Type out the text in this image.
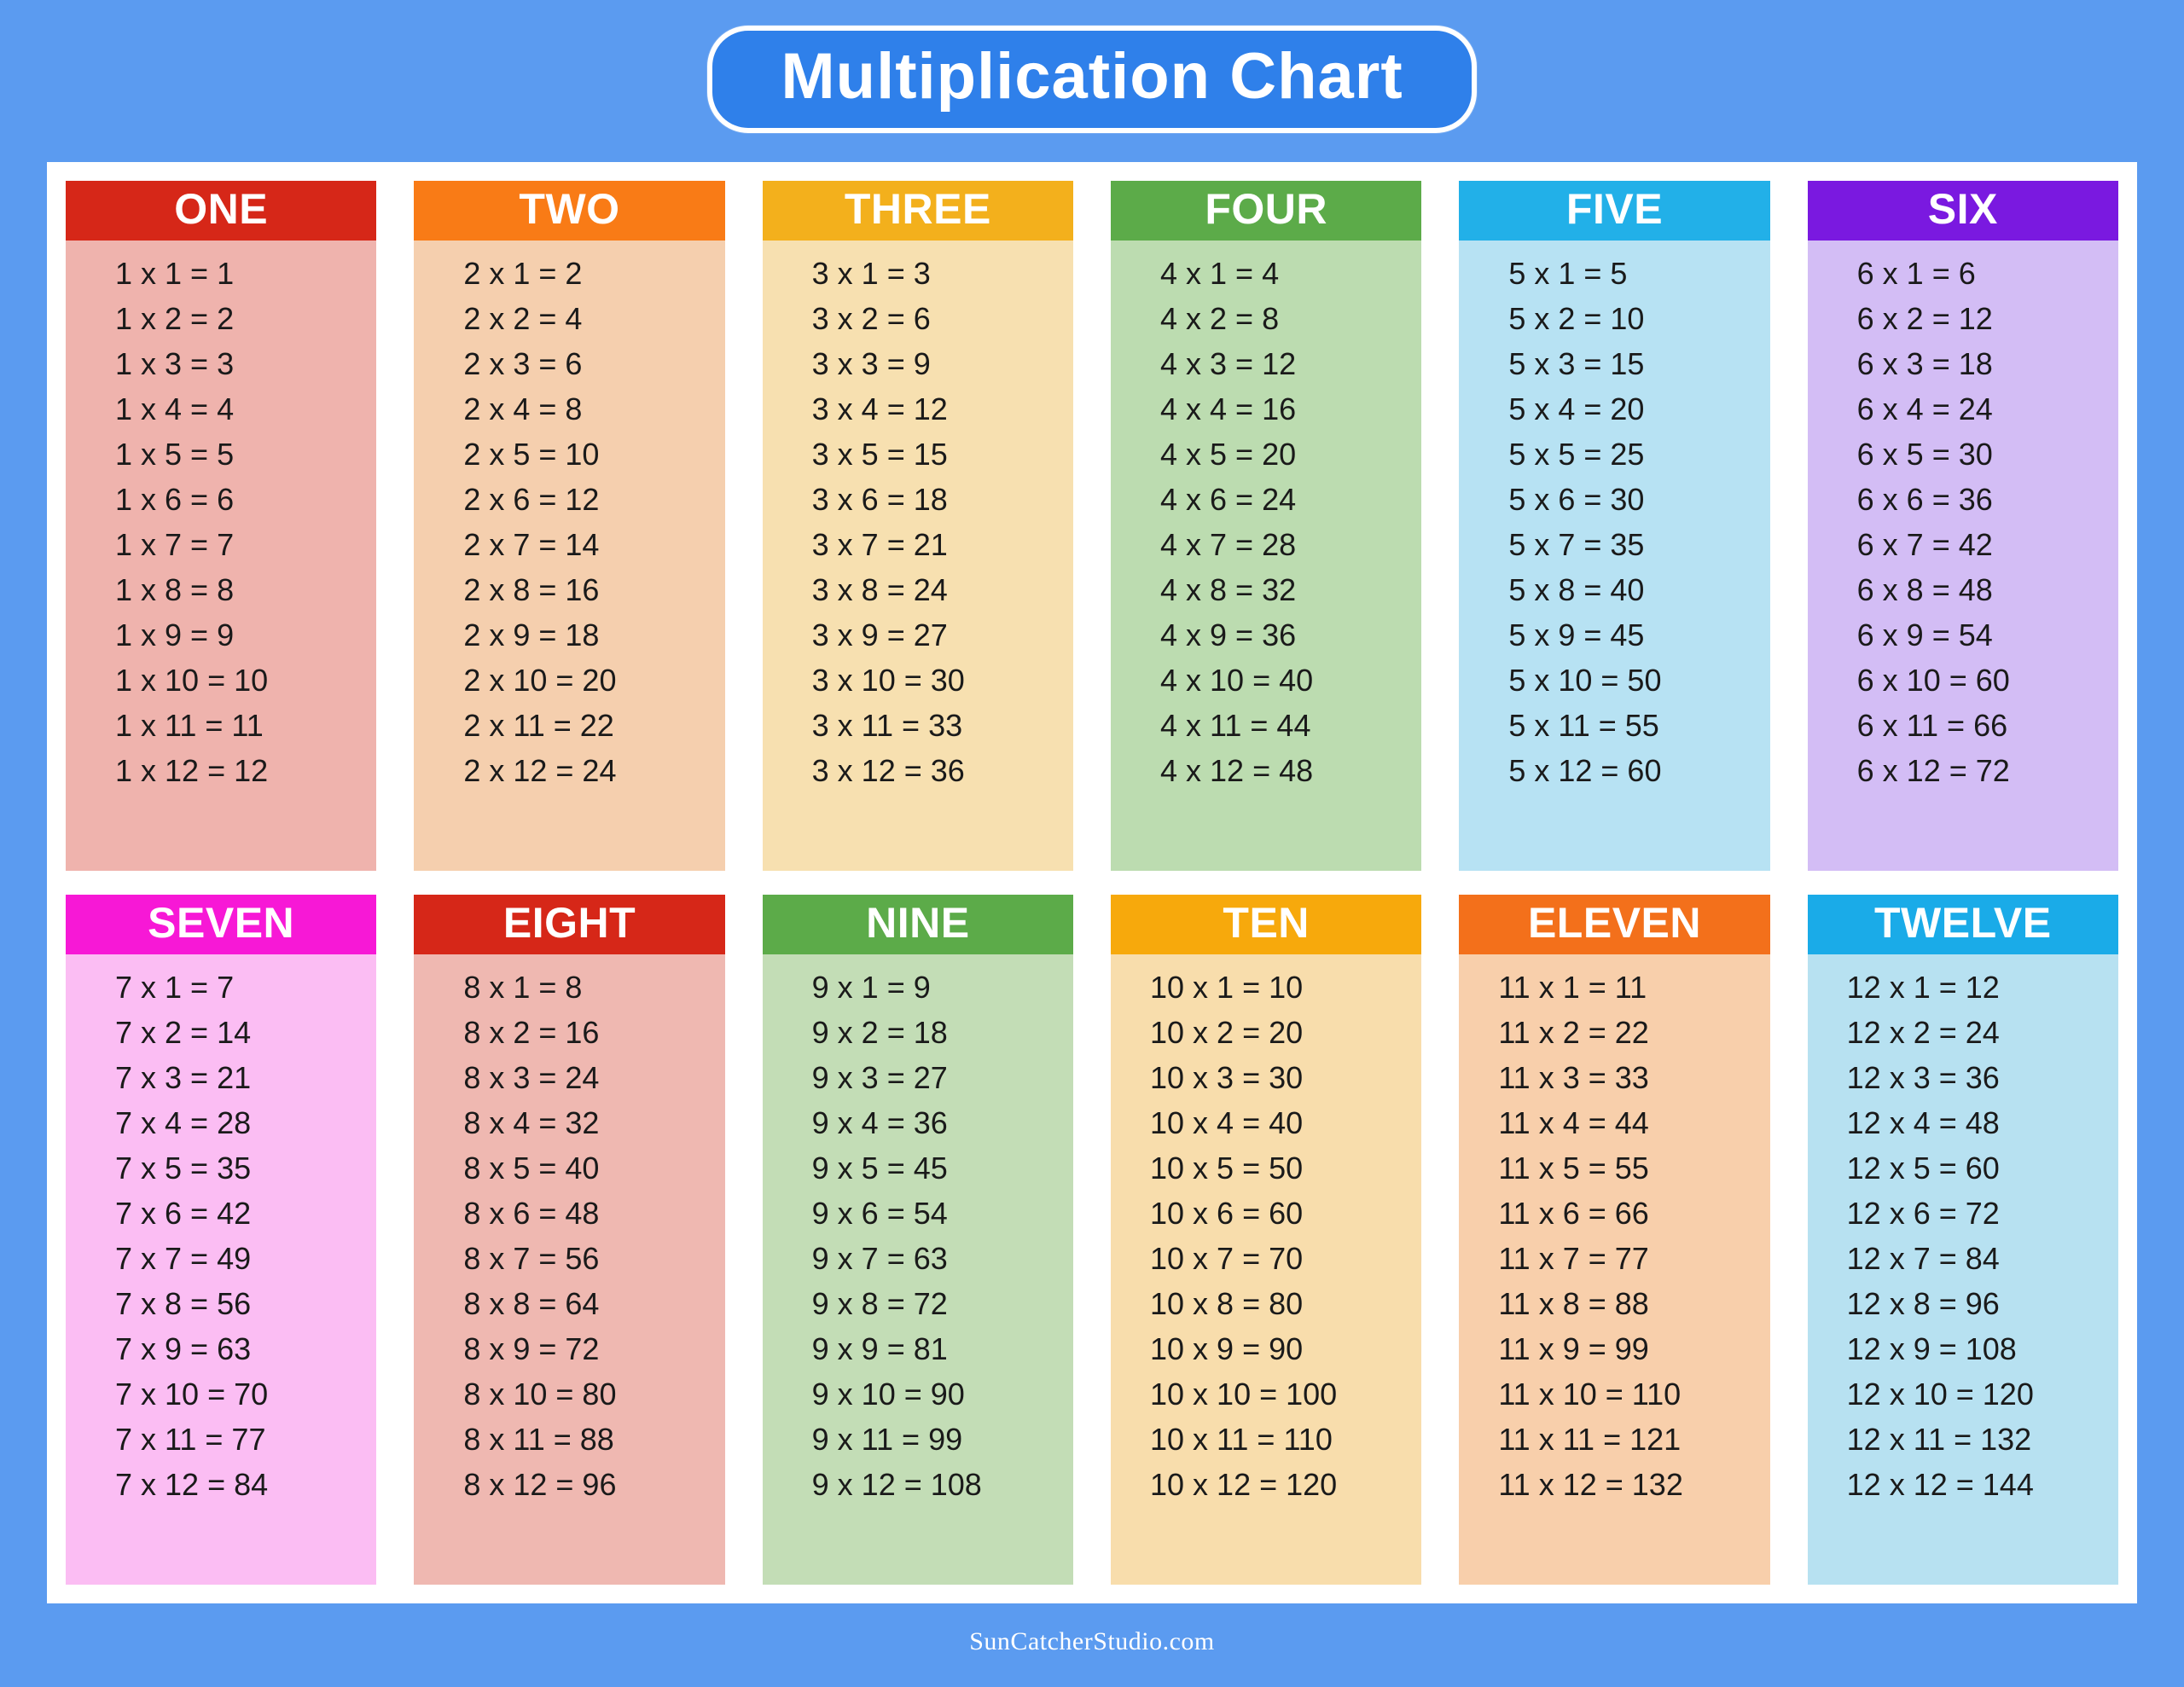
Multiplication Chart
ONE
1 x 1 = 1
1 x 2 = 2
1 x 3 = 3
1 x 4 = 4
1 x 5 = 5
1 x 6 = 6
1 x 7 = 7
1 x 8 = 8
1 x 9 = 9
1 x 10 = 10
1 x 11 = 11
1 x 12 = 12
TWO
2 x 1 = 2
2 x 2 = 4
2 x 3 = 6
2 x 4 = 8
2 x 5 = 10
2 x 6 = 12
2 x 7 = 14
2 x 8 = 16
2 x 9 = 18
2 x 10 = 20
2 x 11 = 22
2 x 12 = 24
THREE
3 x 1 = 3
3 x 2 = 6
3 x 3 = 9
3 x 4 = 12
3 x 5 = 15
3 x 6 = 18
3 x 7 = 21
3 x 8 = 24
3 x 9 = 27
3 x 10 = 30
3 x 11 = 33
3 x 12 = 36
FOUR
4 x 1 = 4
4 x 2 = 8
4 x 3 = 12
4 x 4 = 16
4 x 5 = 20
4 x 6 = 24
4 x 7 = 28
4 x 8 = 32
4 x 9 = 36
4 x 10 = 40
4 x 11 = 44
4 x 12 = 48
FIVE
5 x 1 = 5
5 x 2 = 10
5 x 3 = 15
5 x 4 = 20
5 x 5 = 25
5 x 6 = 30
5 x 7 = 35
5 x 8 = 40
5 x 9 = 45
5 x 10 = 50
5 x 11 = 55
5 x 12 = 60
SIX
6 x 1 = 6
6 x 2 = 12
6 x 3 = 18
6 x 4 = 24
6 x 5 = 30
6 x 6 = 36
6 x 7 = 42
6 x 8 = 48
6 x 9 = 54
6 x 10 = 60
6 x 11 = 66
6 x 12 = 72
SEVEN
7 x 1 = 7
7 x 2 = 14
7 x 3 = 21
7 x 4 = 28
7 x 5 = 35
7 x 6 = 42
7 x 7 = 49
7 x 8 = 56
7 x 9 = 63
7 x 10 = 70
7 x 11 = 77
7 x 12 = 84
EIGHT
8 x 1 = 8
8 x 2 = 16
8 x 3 = 24
8 x 4 = 32
8 x 5 = 40
8 x 6 = 48
8 x 7 = 56
8 x 8 = 64
8 x 9 = 72
8 x 10 = 80
8 x 11 = 88
8 x 12 = 96
NINE
9 x 1 = 9
9 x 2 = 18
9 x 3 = 27
9 x 4 = 36
9 x 5 = 45
9 x 6 = 54
9 x 7 = 63
9 x 8 = 72
9 x 9 = 81
9 x 10 = 90
9 x 11 = 99
9 x 12 = 108
TEN
10 x 1 = 10
10 x 2 = 20
10 x 3 = 30
10 x 4 = 40
10 x 5 = 50
10 x 6 = 60
10 x 7 = 70
10 x 8 = 80
10 x 9 = 90
10 x 10 = 100
10 x 11 = 110
10 x 12 = 120
ELEVEN
11 x 1 = 11
11 x 2 = 22
11 x 3 = 33
11 x 4 = 44
11 x 5 = 55
11 x 6 = 66
11 x 7 = 77
11 x 8 = 88
11 x 9 = 99
11 x 10 = 110
11 x 11 = 121
11 x 12 = 132
TWELVE
12 x 1 = 12
12 x 2 = 24
12 x 3 = 36
12 x 4 = 48
12 x 5 = 60
12 x 6 = 72
12 x 7 = 84
12 x 8 = 96
12 x 9 = 108
12 x 10 = 120
12 x 11 = 132
12 x 12 = 144
SunCatcherStudio.com
